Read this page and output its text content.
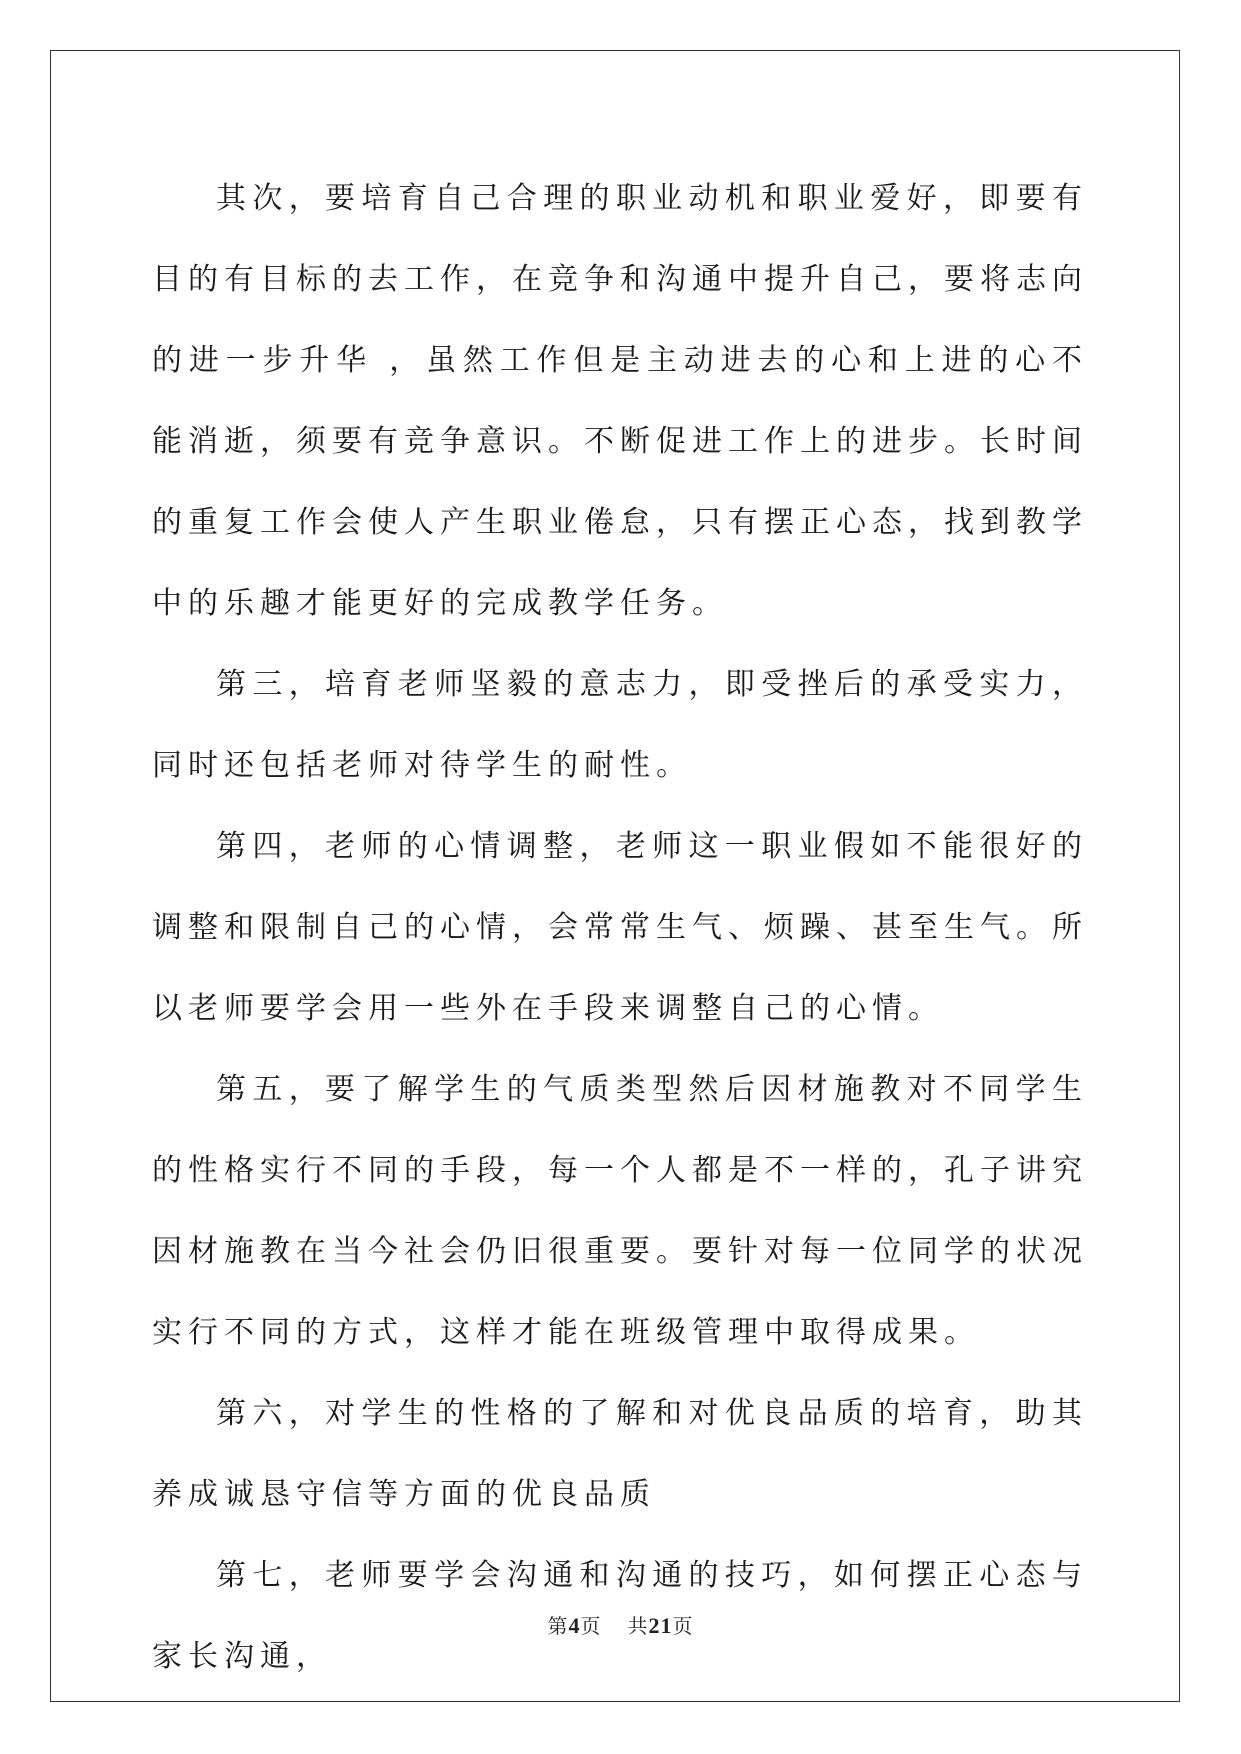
其次，要培育自己合理的职业动机和职业爱好，即要有目的有目标的去工作，在竞争和沟通中提升自己，要将志向的进一步升华 ，虽然工作但是主动进去的心和上进的心不能消逝，须要有竞争意识。不断促进工作上的进步。长时间的重复工作会使人产生职业倦怠，只有摆正心态，找到教学中的乐趣才能更好的完成教学任务。

第三，培育老师坚毅的意志力，即受挫后的承受实力，同时还包括老师对待学生的耐性。

第四，老师的心情调整，老师这一职业假如不能很好的调整和限制自己的心情，会常常生气、烦躁、甚至生气。所以老师要学会用一些外在手段来调整自己的心情。

第五，要了解学生的气质类型然后因材施教对不同学生的性格实行不同的手段，每一个人都是不一样的，孔子讲究因材施教在当今社会仍旧很重要。要针对每一位同学的状况实行不同的方式，这样才能在班级管理中取得成果。

第六，对学生的性格的了解和对优良品质的培育，助其养成诚恳守信等方面的优良品质

第七，老师要学会沟通和沟通的技巧，如何摆正心态与家长沟通，

第4页 共21页
